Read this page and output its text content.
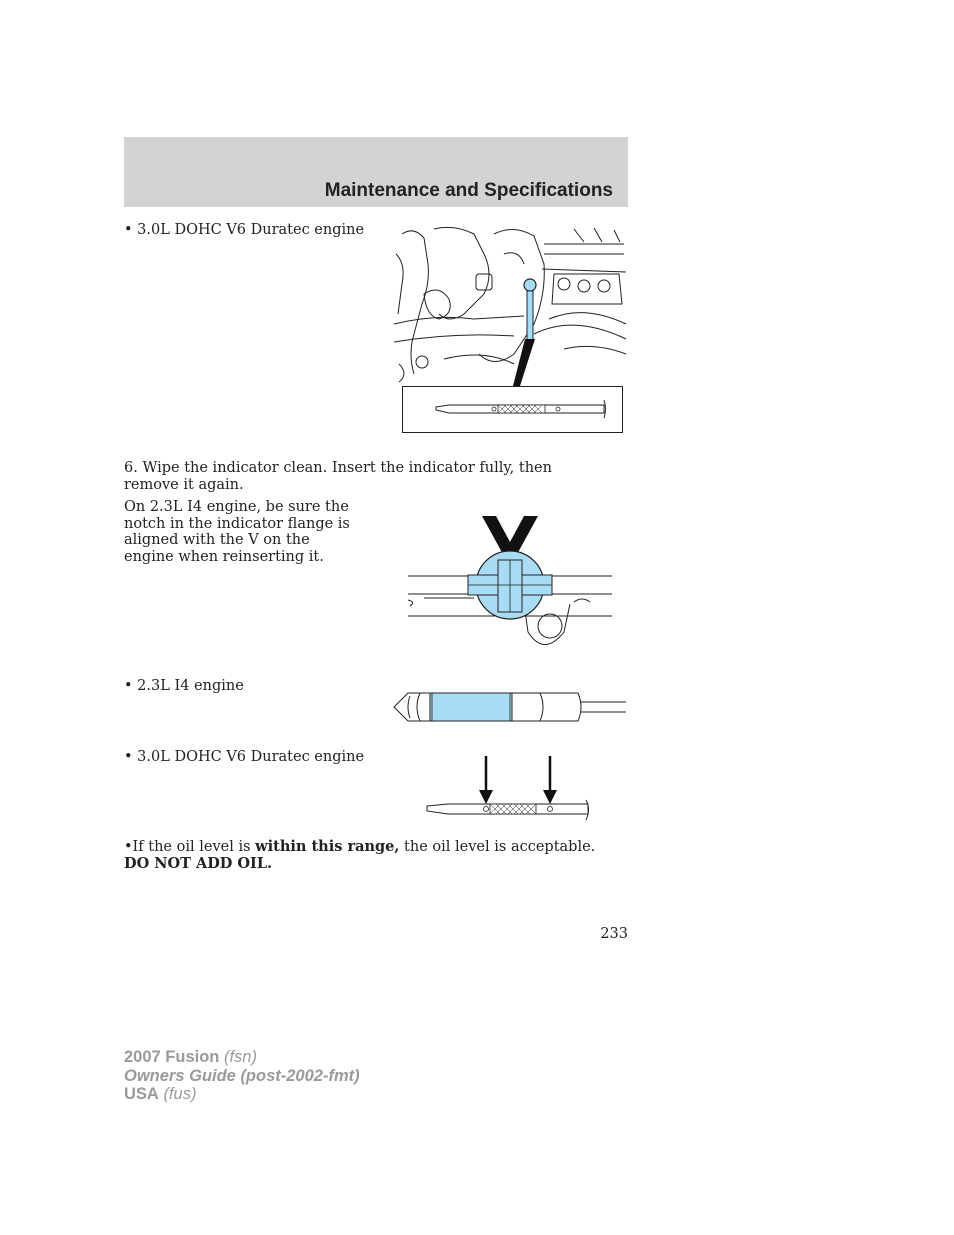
Maintenance and Specifications
• 3.0L DOHC V6 Duratec engine
6. Wipe the indicator clean. Insert the indicator fully, then remove it again.
On 2.3L I4 engine, be sure the notch in the indicator flange is aligned with the V on the engine when reinserting it.
• 2.3L I4 engine
• 3.0L DOHC V6 Duratec engine
•If the oil level is within this range, the oil level is acceptable.
DO NOT ADD OIL.
233
2007 Fusion (fsn)
Owners Guide (post-2002-fmt)
USA (fus)
